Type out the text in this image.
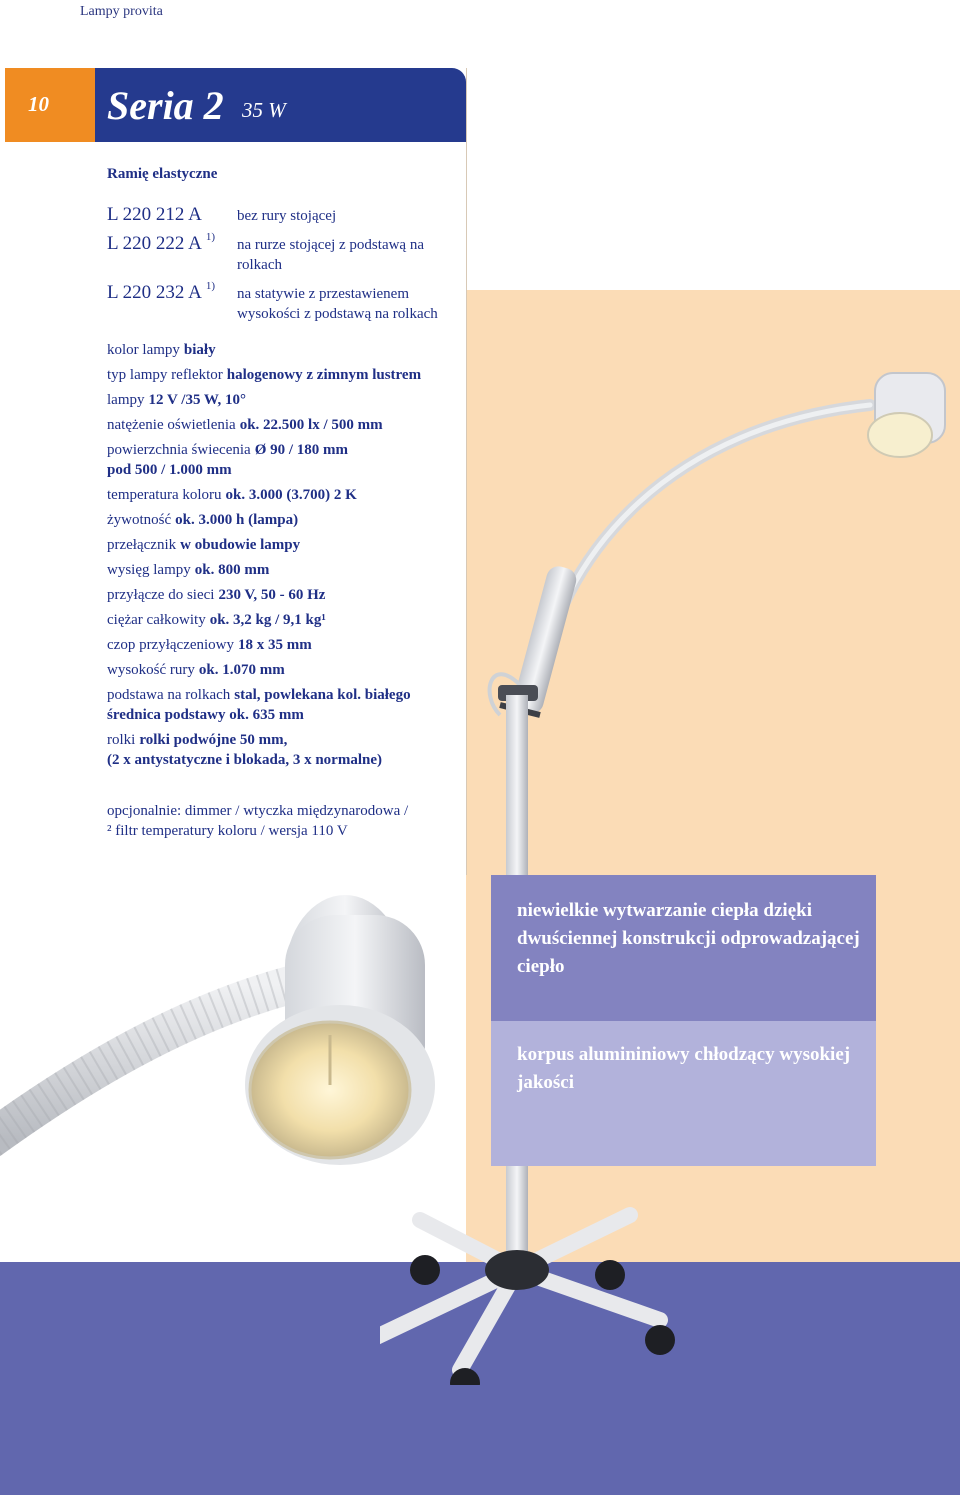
Lampy provita
10 Seria 2 35 W
Ramię elastyczne
L 220 212 A bez rury stojącej
L 220 222 A $^{1)}$ na rurze stojącej z podstawą na rolkach
L 220 232 A $^{1)}$ na statywie z przestawienem wysokości z podstawą na rolkach
kolor lampy biały
typ lampy reflektor halogenowy z zimnym lustrem
lampy 12 V /35 W, 10°
natężenie oświetlenia ok. 22.500 lx / 500 mm
powierzchnia świecenia Ø 90 / 180 mm
pod 500 / 1.000 mm
temperatura koloru ok. 3.000 (3.700) 2 K
żywotność ok. 3.000 h (lampa)
przełącznik w obudowie lampy
wysięg lampy ok. 800 mm
przyłącze do sieci 230 V, 50 - 60 Hz
ciężar całkowity ok. 3,2 kg / 9,1 kg¹
czop przyłączeniowy 18 x 35 mm
wysokość rury ok. 1.070 mm
podstawa na rolkach stal, powlekana kol. białego
średnica podstawy ok. 635 mm
rolki rolki podwójne 50 mm,
(2 x antystatyczne i blokada, 3 x normalne)
opcjonalnie: dimmer / wtyczka międzynarodowa /
² filtr temperatury koloru / wersja 110 V
niewielkie wytwarzanie ciepła dzięki dwuściennej konstrukcji odprowadzającej ciepło
korpus alumininiowy chłodzący wysokiej jakości
